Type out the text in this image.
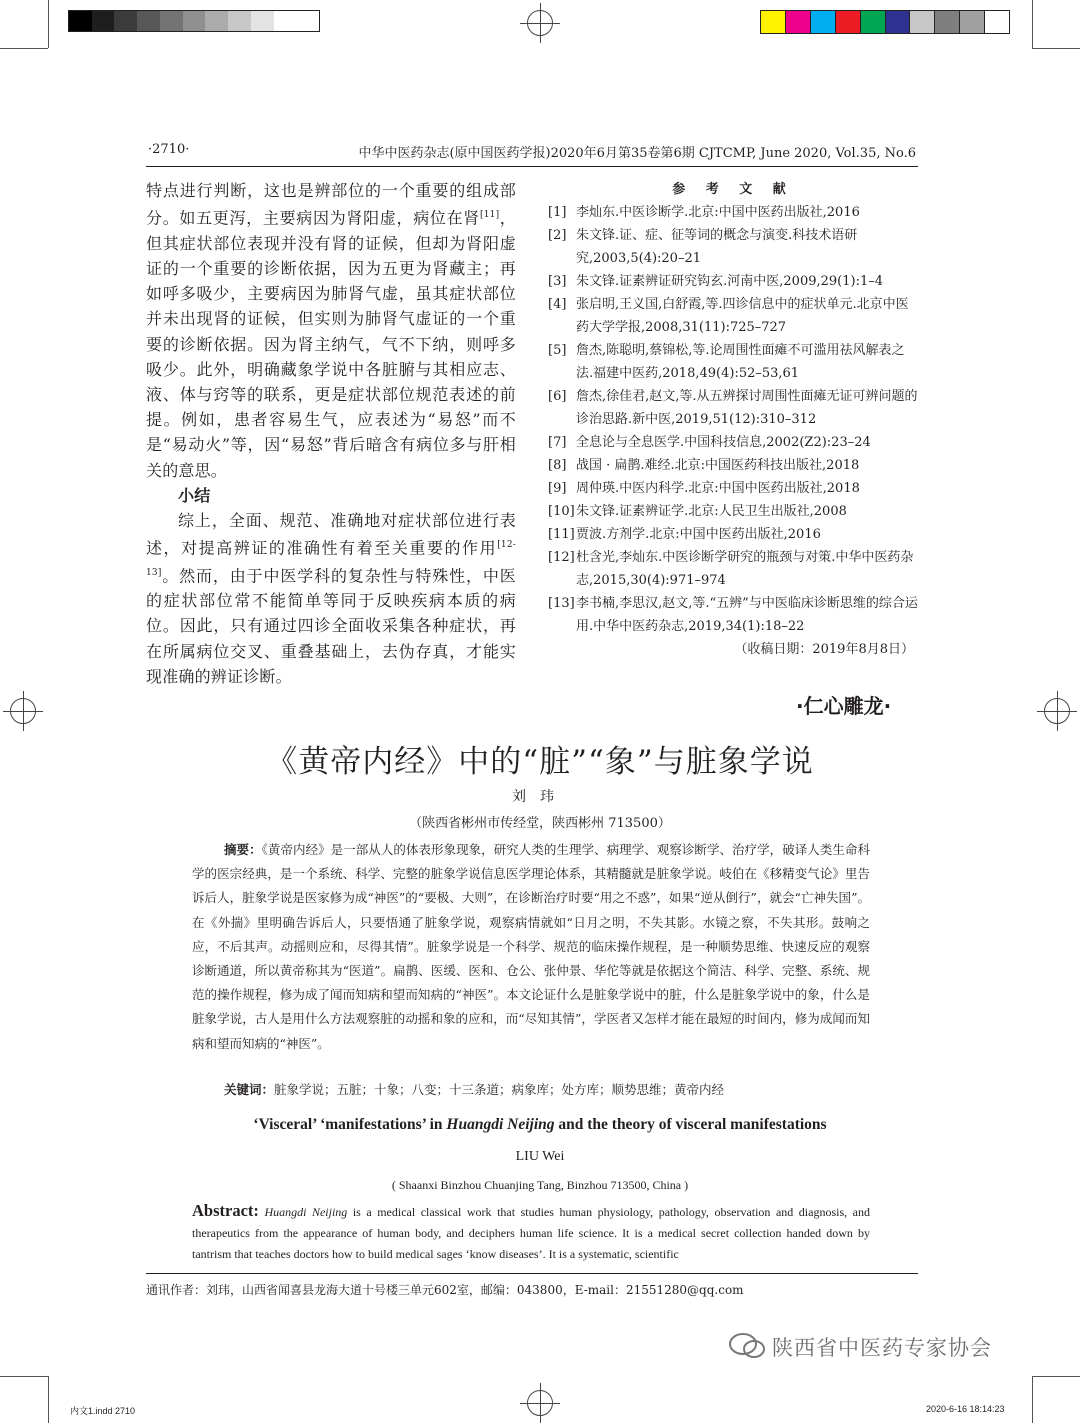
·2710·	中华中医药杂志(原中国医药学报)2020年6月第35卷第6期 CJTCMP, June 2020, Vol.35, No.6

特点进行判断，这也是辨部位的一个重要的组成部分。如五更泻，主要病因为肾阳虚，病位在肾[11]，但其症状部位表现并没有肾的证候，但却为肾阳虚证的一个重要的诊断依据，因为五更为肾藏主；再如呼多吸少，主要病因为肺肾气虚，虽其症状部位并未出现肾的证候，但实则为肺肾气虚证的一个重要的诊断依据。因为肾主纳气，气不下纳，则呼多吸少。此外，明确藏象学说中各脏腑与其相应志、液、体与窍等的联系，更是症状部位规范表述的前提。例如，患者容易生气，应表述为“易怒”而不是“易动火”等，因“易怒”背后暗含有病位多与肝相关的意思。

小结

综上，全面、规范、准确地对症状部位进行表述，对提高辨证的准确性有着至关重要的作用[12-13]。然而，由于中医学科的复杂性与特殊性，中医的症状部位常不能简单等同于反映疾病本质的病位。因此，只有通过四诊全面收采集各种症状，再在所属病位交叉、重叠基础上，去伪存真，才能实现准确的辨证诊断。

参 考 文 献
[1] 李灿东.中医诊断学.北京:中国中医药出版社,2016
[2] 朱文锋.证、症、征等词的概念与演变.科技术语研究,2003,5(4):20–21
[3] 朱文锋.证素辨证研究钩玄.河南中医,2009,29(1):1–4
[4] 张启明,王义国,白舒霞,等.四诊信息中的症状单元.北京中医药大学学报,2008,31(11):725–727
[5] 詹杰,陈聪明,蔡锦松,等.论周围性面瘫不可滥用祛风解表之法.福建中医药,2018,49(4):52–53,61
[6] 詹杰,徐佳君,赵文,等.从五辨探讨周围性面瘫无证可辨问题的诊治思路.新中医,2019,51(12):310–312
[7] 全息论与全息医学.中国科技信息,2002(Z2):23–24
[8] 战国 · 扁鹊.难经.北京:中国医药科技出版社,2018
[9] 周仲瑛.中医内科学.北京:中国中医药出版社,2018
[10] 朱文锋.证素辨证学.北京:人民卫生出版社,2008
[11] 贾波.方剂学.北京:中国中医药出版社,2016
[12] 杜含光,李灿东.中医诊断学研究的瓶颈与对策.中华中医药杂志,2015,30(4):971–974
[13] 李书楠,李思汉,赵文,等.“五辨”与中医临床诊断思维的综合运用.中华中医药杂志,2019,34(1):18–22
（收稿日期：2019年8月8日）
·仁心雕龙·
《黄帝内经》中的“脏”“象”与脏象学说
刘玮
（陕西省彬州市传经堂，陕西彬州 713500）
摘要：《黄帝内经》是一部从人的体表形象现象，研究人类的生理学、病理学、观察诊断学、治疗学，破译人类生命科学的医宗经典，是一个系统、科学、完整的脏象学说信息医学理论体系，其精髓就是脏象学说。岐伯在《移精变气论》里告诉后人，脏象学说是医家修为成“神医”的“要极、大则”，在诊断治疗时要“用之不惑”，如果“逆从倒行”，就会“亡神失国”。在《外揣》里明确告诉后人，只要悟通了脏象学说，观察病情就如“日月之明，不失其影。水镜之察，不失其形。鼓响之应，不后其声。动摇则应和，尽得其情”。脏象学说是一个科学、规范的临床操作规程，是一种顺势思维、快速反应的观察诊断通道，所以黄帝称其为“医道”。扁鹊、医缓、医和、仓公、张仲景、华佗等就是依据这个简洁、科学、完整、系统、规范的操作规程，修为成了闻而知病和望而知病的“神医”。本文论证什么是脏象学说中的脏，什么是脏象学说中的象，什么是脏象学说，古人是用什么方法观察脏的动摇和象的应和，而“尽知其情”，学医者又怎样才能在最短的时间内，修为成闻而知病和望而知病的“神医”。
关键词：脏象学说；五脏；十象；八变；十三条道；病象库；处方库；顺势思维；黄帝内经
‘Visceral’ ‘manifestations’ in Huangdi Neijing and the theory of visceral manifestations
LIU Wei
( Shaanxi Binzhou Chuanjing Tang, Binzhou 713500, China )
Abstract: Huangdi Neijing is a medical classical work that studies human physiology, pathology, observation and diagnosis, and therapeutics from the appearance of human body, and deciphers human life science. It is a medical secret collection handed down by tantrism that teaches doctors how to build medical sages ‘know diseases’. It is a systematic, scientific
通讯作者：刘玮，山西省闻喜县龙海大道十号楼三单元602室，邮编：043800，E-mail：21551280@qq.com
陕西省中医药专家协会
内文1.indd 2710	2020-6-16 18:14:23
